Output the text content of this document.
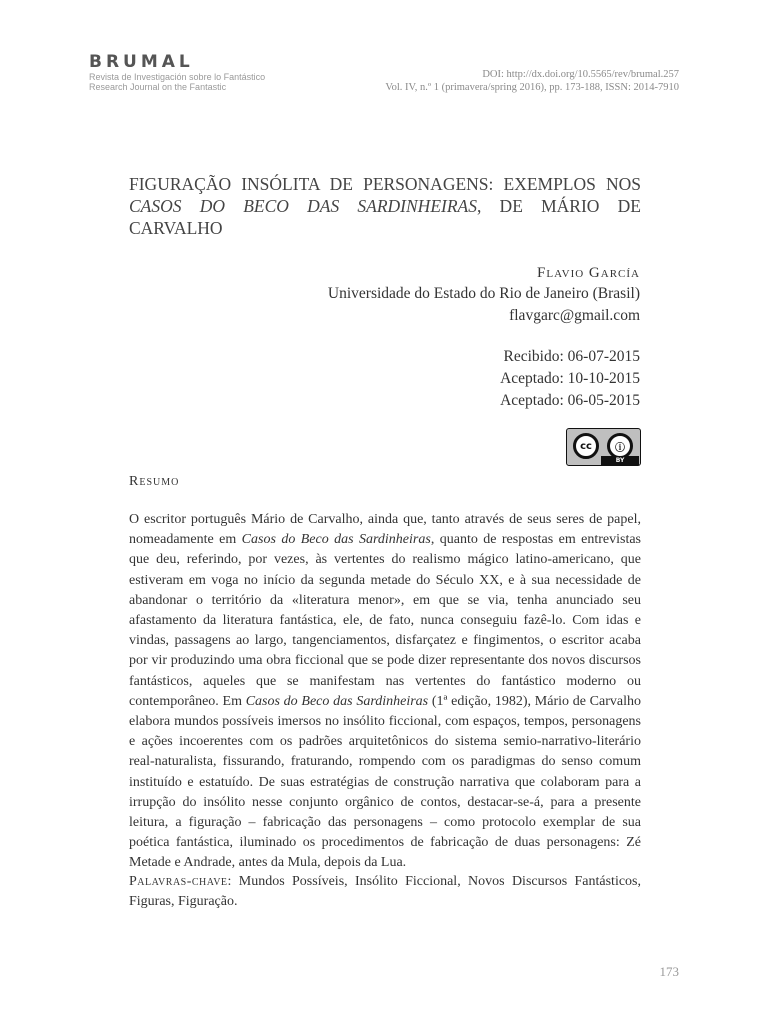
BRUMAL
Revista de Investigación sobre lo Fantástico
Research Journal on the Fantastic
DOI: http://dx.doi.org/10.5565/rev/brumal.257
Vol. IV, n.º 1 (primavera/spring 2016), pp. 173-188, ISSN: 2014-7910
FIGURAÇÃO INSÓLITA DE PERSONAGENS: EXEMPLOS NOS
CASOS DO BECO DAS SARDINHEIRAS, DE MÁRIO DE CARVALHO
Flavio García
Universidade do Estado do Rio de Janeiro (Brasil)
flavgarc@gmail.com
Recibido: 06-07-2015
Aceptado: 10-10-2015
Aceptado: 06-05-2015
cc	ⓘ
BY
Resumo
O escritor português Mário de Carvalho, ainda que, tanto através de seus seres de papel, nomeadamente em Casos do Beco das Sardinheiras, quanto de respostas em entrevistas que deu, referindo, por vezes, às vertentes do realismo mágico latino-americano, que estiveram em voga no início da segunda metade do Século XX, e à sua necessidade de abandonar o território da «literatura menor», em que se via, tenha anunciado seu afastamento da literatura fantástica, ele, de fato, nunca conseguiu fazê-lo. Com idas e vindas, passagens ao largo, tangenciamentos, disfarçatez e fingimentos, o escritor acaba por vir produzindo uma obra ficcional que se pode dizer representante dos novos discursos fantásticos, aqueles que se manifestam nas vertentes do fantástico moderno ou contemporâneo. Em Casos do Beco das Sardinheiras (1ª edição, 1982), Mário de Carvalho elabora mundos possíveis imersos no insólito ficcional, com espaços, tempos, personagens e ações incoerentes com os padrões arquitetônicos do sistema semio-narrativo-literário real-naturalista, fissurando, fraturando, rompendo com os paradigmas do senso comum instituído e estatuído. De suas estratégias de construção narrativa que colaboram para a irrupção do insólito nesse conjunto orgânico de contos, destacar-se-á, para a presente leitura, a figuração – fabricação das personagens – como protocolo exemplar de sua poética fantástica, iluminado os procedimentos de fabricação de duas personagens: Zé Metade e Andrade, antes da Mula, depois da Lua.
Palavras-chave: Mundos Possíveis, Insólito Ficcional, Novos Discursos Fantásticos, Figuras, Figuração.
173
